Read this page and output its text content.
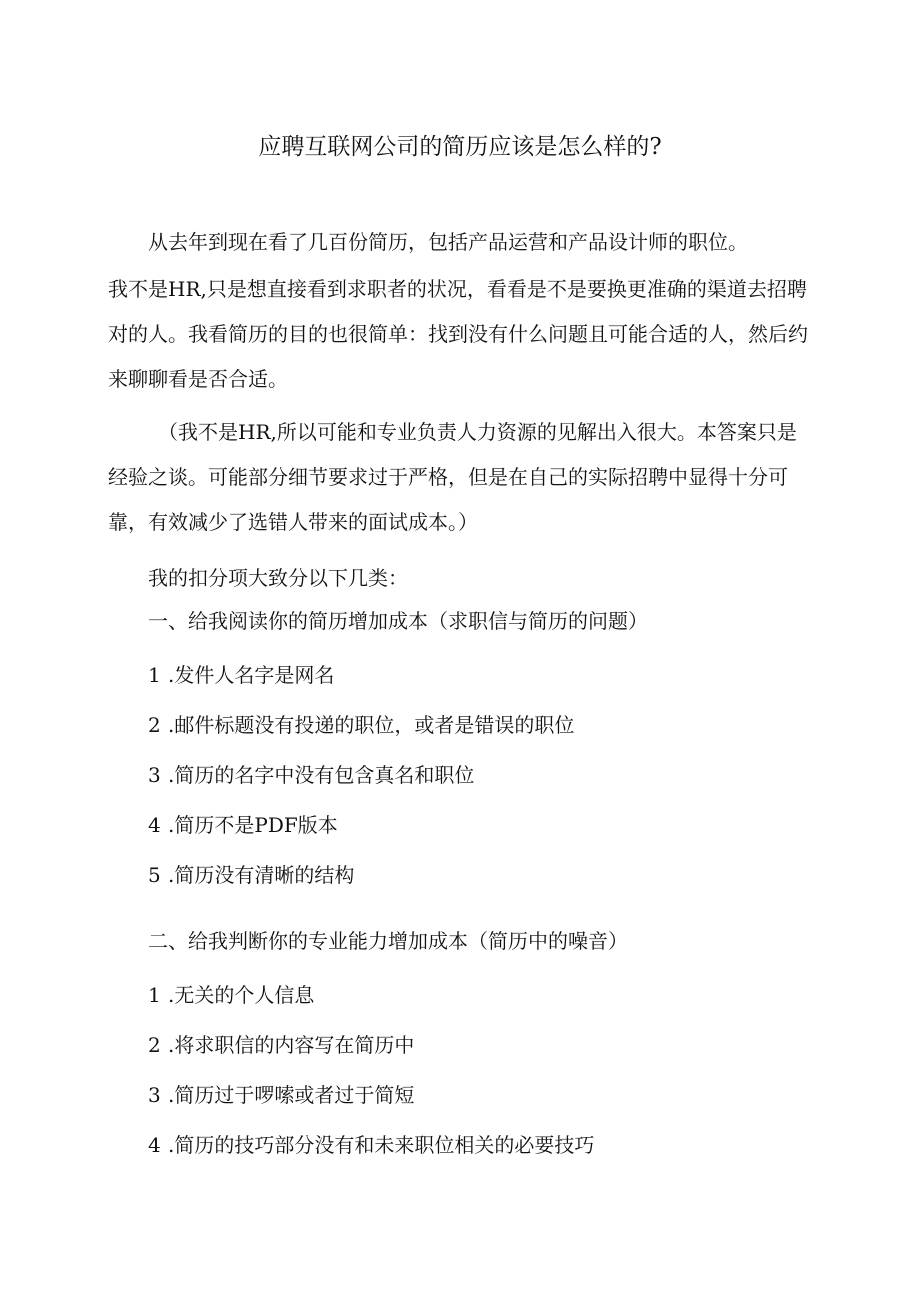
应聘互联网公司的简历应该是怎么样的?

从去年到现在看了几百份简历，包括产品运营和产品设计师的职位。

我不是HR,只是想直接看到求职者的状况，看看是不是要换更准确的渠道去招聘对的人。我看简历的目的也很简单：找到没有什么问题且可能合适的人，然后约来聊聊看是否合适。

（我不是HR,所以可能和专业负责人力资源的见解出入很大。本答案只是经验之谈。可能部分细节要求过于严格，但是在自己的实际招聘中显得十分可靠，有效减少了选错人带来的面试成本。）

我的扣分项大致分以下几类：

一、给我阅读你的简历增加成本（求职信与简历的问题）
1 .发件人名字是网名
2 .邮件标题没有投递的职位，或者是错误的职位
3 .简历的名字中没有包含真名和职位
4 .简历不是PDF版本
5 .简历没有清晰的结构
二、给我判断你的专业能力增加成本（简历中的噪音）
1 .无关的个人信息
2 .将求职信的内容写在简历中
3 .简历过于啰嗦或者过于简短
4 .简历的技巧部分没有和未来职位相关的必要技巧
